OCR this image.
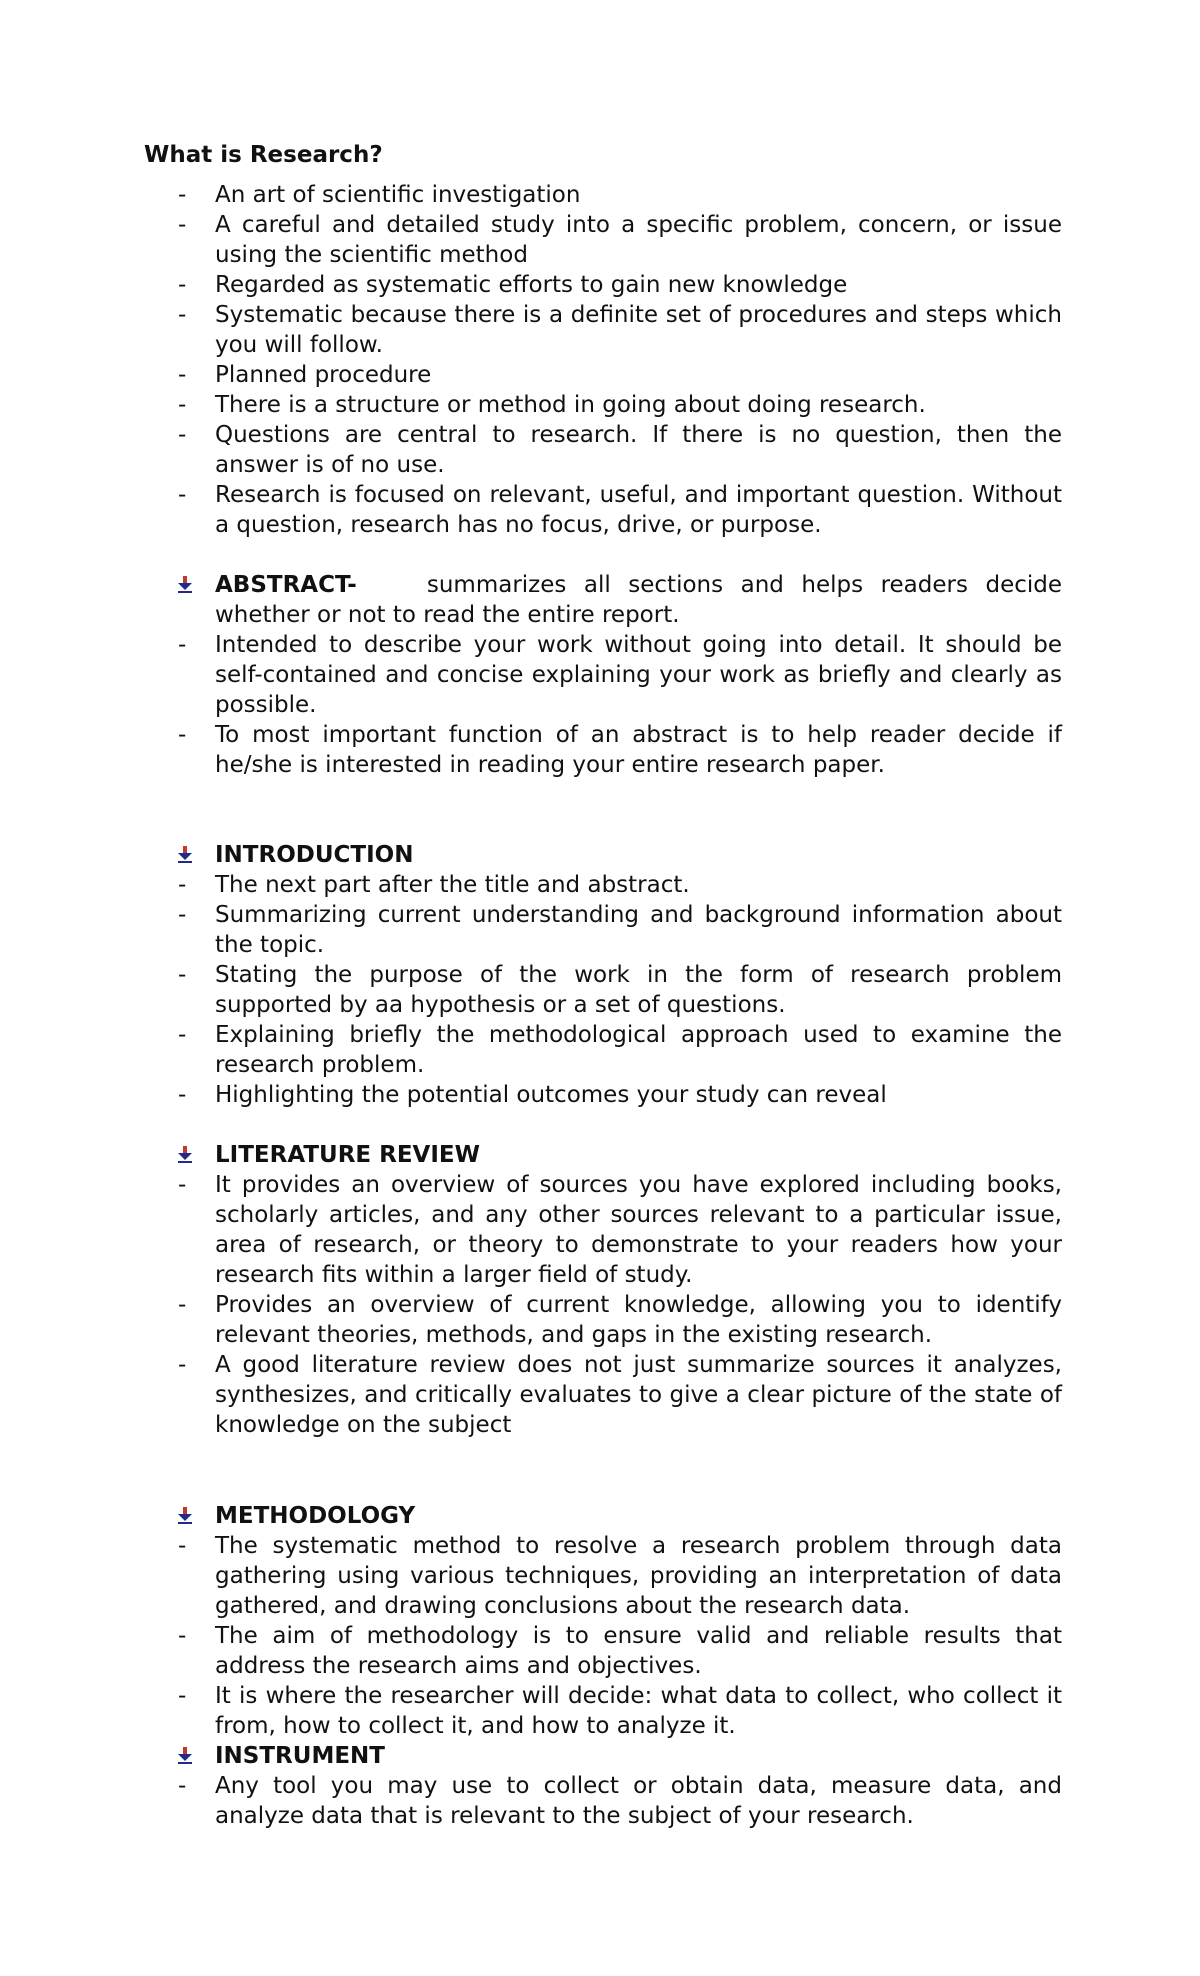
What is Research?
- An art of scientific investigation
- A careful and detailed study into a specific problem, concern, or issue using the scientific method
- Regarded as systematic efforts to gain new knowledge
- Systematic because there is a definite set of procedures and steps which you will follow.
- Planned procedure
- There is a structure or method in going about doing research.
- Questions are central to research. If there is no question, then the answer is of no use.
- Research is focused on relevant, useful, and important question. Without a question, research has no focus, drive, or purpose.
ABSTRACT-	summarizes all sections and helps readers decide whether or not to read the entire report.
- Intended to describe your work without going into detail. It should be self-contained and concise explaining your work as briefly and clearly as possible.
- To most important function of an abstract is to help reader decide if he/she is interested in reading your entire research paper.
INTRODUCTION
- The next part after the title and abstract.
- Summarizing current understanding and background information about the topic.
- Stating the purpose of the work in the form of research problem supported by aa hypothesis or a set of questions.
- Explaining briefly the methodological approach used to examine the research problem.
- Highlighting the potential outcomes your study can reveal
LITERATURE REVIEW
- It provides an overview of sources you have explored including books, scholarly articles, and any other sources relevant to a particular issue, area of research, or theory to demonstrate to your readers how your research fits within a larger field of study.
- Provides an overview of current knowledge, allowing you to identify relevant theories, methods, and gaps in the existing research.
- A good literature review does not just summarize sources it analyzes, synthesizes, and critically evaluates to give a clear picture of the state of knowledge on the subject
METHODOLOGY
- The systematic method to resolve a research problem through data gathering using various techniques, providing an interpretation of data gathered, and drawing conclusions about the research data.
- The aim of methodology is to ensure valid and reliable results that address the research aims and objectives.
- It is where the researcher will decide: what data to collect, who collect it from, how to collect it, and how to analyze it.
INSTRUMENT
- Any tool you may use to collect or obtain data, measure data, and analyze data that is relevant to the subject of your research.
